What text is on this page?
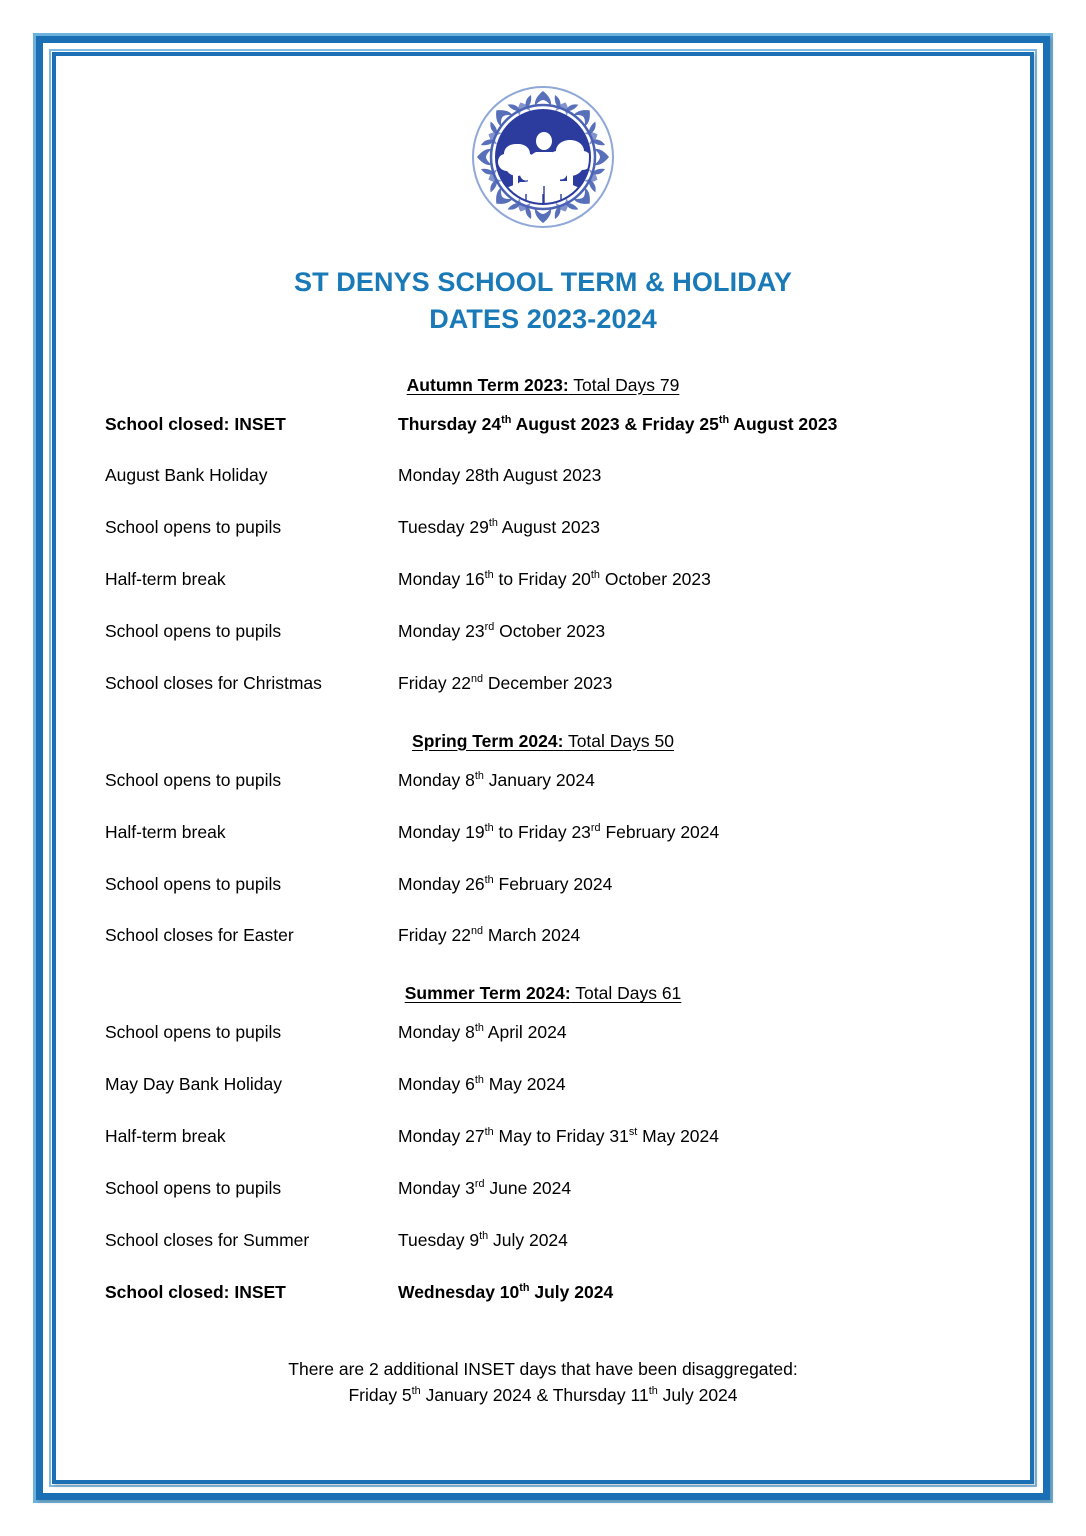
ST DENYS SCHOOL TERM & HOLIDAY
DATES 2023-2024
Autumn Term 2023: Total Days 79
School closed: INSET	Thursday 24th August 2023 & Friday 25th August 2023
August Bank Holiday	Monday 28th August 2023
School opens to pupils	Tuesday 29th August 2023
Half-term break	Monday 16th to Friday 20th October 2023
School opens to pupils	Monday 23rd October 2023
School closes for Christmas	Friday 22nd December 2023
Spring Term 2024: Total Days 50
School opens to pupils	Monday 8th January 2024
Half-term break	Monday 19th to Friday 23rd February 2024
School opens to pupils	Monday 26th February 2024
School closes for Easter	Friday 22nd March 2024
Summer Term 2024: Total Days 61
School opens to pupils	Monday 8th April 2024
May Day Bank Holiday	Monday 6th May 2024
Half-term break	Monday 27th May to Friday 31st May 2024
School opens to pupils	Monday 3rd June 2024
School closes for Summer	Tuesday 9th July 2024
School closed: INSET	Wednesday 10th July 2024
There are 2 additional INSET days that have been disaggregated:
Friday 5th January 2024 & Thursday 11th July 2024
